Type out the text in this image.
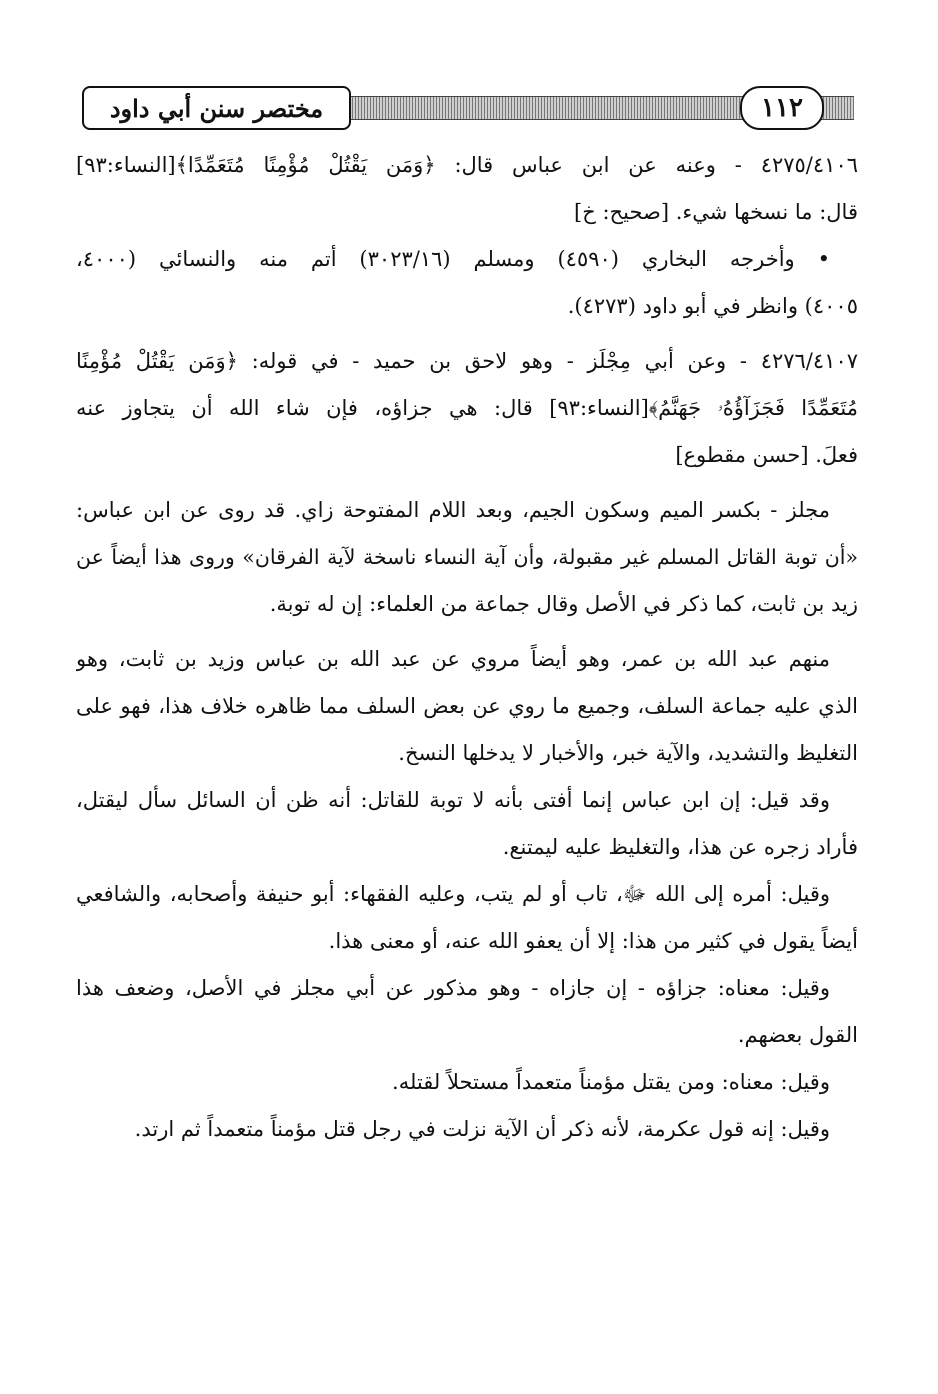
١١٢
مختصر سنن أبي داود
٤٢٧٥/٤١٠٦ - وعنه عن ابن عباس قال: ﴿وَمَن يَقْتُلْ مُؤْمِنًا مُتَعَمِّدًا﴾[النساء:٩٣]
قال: ما نسخها شيء. [صحيح: خ]
• وأخرجه البخاري (٤٥٩٠) ومسلم (٣٠٢٣/١٦) أتم منه والنسائي (٤٠٠٠،
٤٠٠٥) وانظر في أبو داود (٤٢٧٣).
٤٢٧٦/٤١٠٧ - وعن أبي مِجْلَز - وهو لاحق بن حميد - في قوله: ﴿وَمَن يَقْتُلْ مُؤْمِنًا
مُتَعَمِّدًا فَجَزَآؤُهُۥ جَهَنَّمُ﴾[النساء:٩٣] قال: هي جزاؤه، فإن شاء الله أن يتجاوز عنه
فعلَ. [حسن مقطوع]
مجلز - بكسر الميم وسكون الجيم، وبعد اللام المفتوحة زاي. قد روى عن ابن عباس:
«أن توبة القاتل المسلم غير مقبولة، وأن آية النساء ناسخة لآية الفرقان» وروى هذا أيضاً عن
زيد بن ثابت، كما ذكر في الأصل وقال جماعة من العلماء: إن له توبة.
منهم عبد الله بن عمر، وهو أيضاً مروي عن عبد الله بن عباس وزيد بن ثابت، وهو
الذي عليه جماعة السلف، وجميع ما روي عن بعض السلف مما ظاهره خلاف هذا، فهو على
التغليظ والتشديد، والآية خبر، والأخبار لا يدخلها النسخ.
وقد قيل: إن ابن عباس إنما أفتى بأنه لا توبة للقاتل: أنه ظن أن السائل سأل ليقتل،
فأراد زجره عن هذا، والتغليظ عليه ليمتنع.
وقيل: أمره إلى الله ﷻ، تاب أو لم يتب، وعليه الفقهاء: أبو حنيفة وأصحابه، والشافعي
أيضاً يقول في كثير من هذا: إلا أن يعفو الله عنه، أو معنى هذا.
وقيل: معناه: جزاؤه - إن جازاه - وهو مذكور عن أبي مجلز في الأصل، وضعف هذا
القول بعضهم.
وقيل: معناه: ومن يقتل مؤمناً متعمداً مستحلاً لقتله.
وقيل: إنه قول عكرمة، لأنه ذكر أن الآية نزلت في رجل قتل مؤمناً متعمداً ثم ارتد.
